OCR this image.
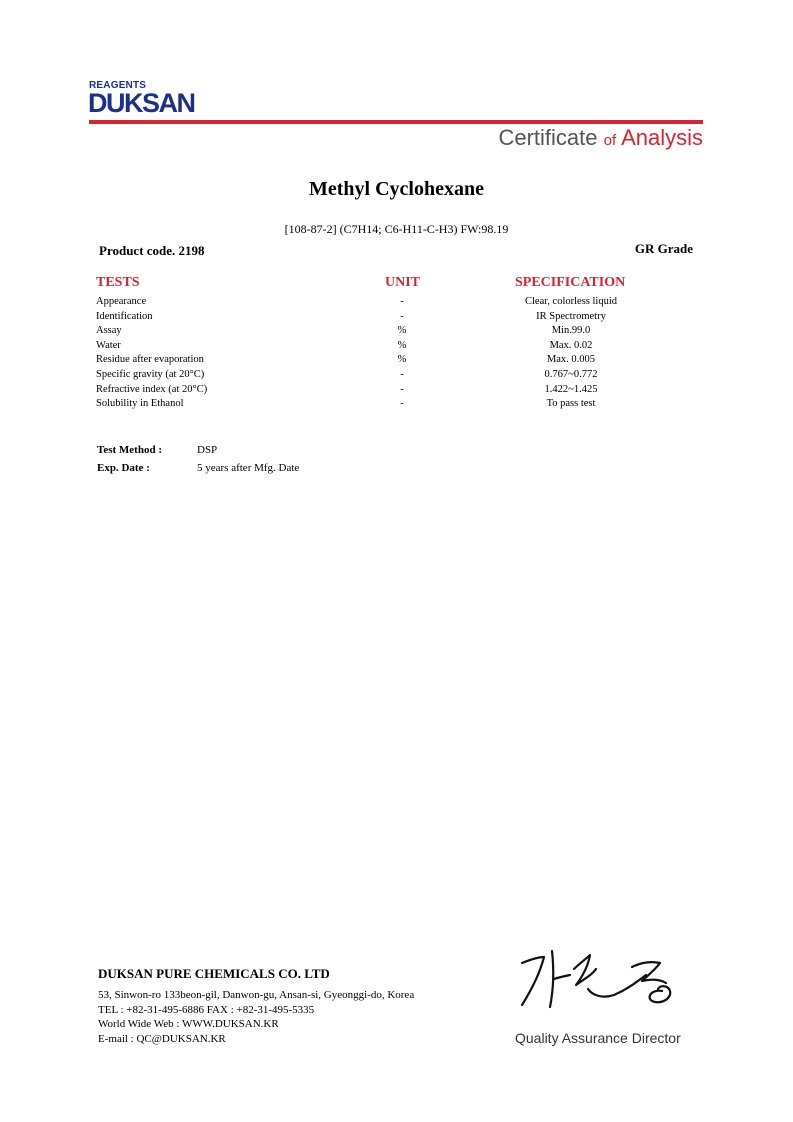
REAGENTS
DUKSAN
Certificate of Analysis
Methyl Cyclohexane
[108-87-2] (C7H14; C6-H11-C-H3) FW:98.19
Product code. 2198	GR Grade
TESTS	UNIT	SPECIFICATION
Appearance	-	Clear, colorless liquid
Identification	-	IR Spectrometry
Assay	%	Min.99.0
Water	%	Max. 0.02
Residue after evaporation	%	Max. 0.005
Specific gravity (at 20°C)	-	0.767~0.772
Refractive index (at 20°C)	-	1.422~1.425
Solubility in Ethanol	-	To pass test
Test Method :	DSP
Exp. Date :	5 years after Mfg. Date
DUKSAN PURE CHEMICALS CO. LTD
53, Sinwon-ro 133beon-gil, Danwon-gu, Ansan-si, Gyeonggi-do, Korea
TEL : +82-31-495-6886 FAX : +82-31-495-5335
World Wide Web : WWW.DUKSAN.KR
E-mail : QC@DUKSAN.KR	Quality Assurance Director
